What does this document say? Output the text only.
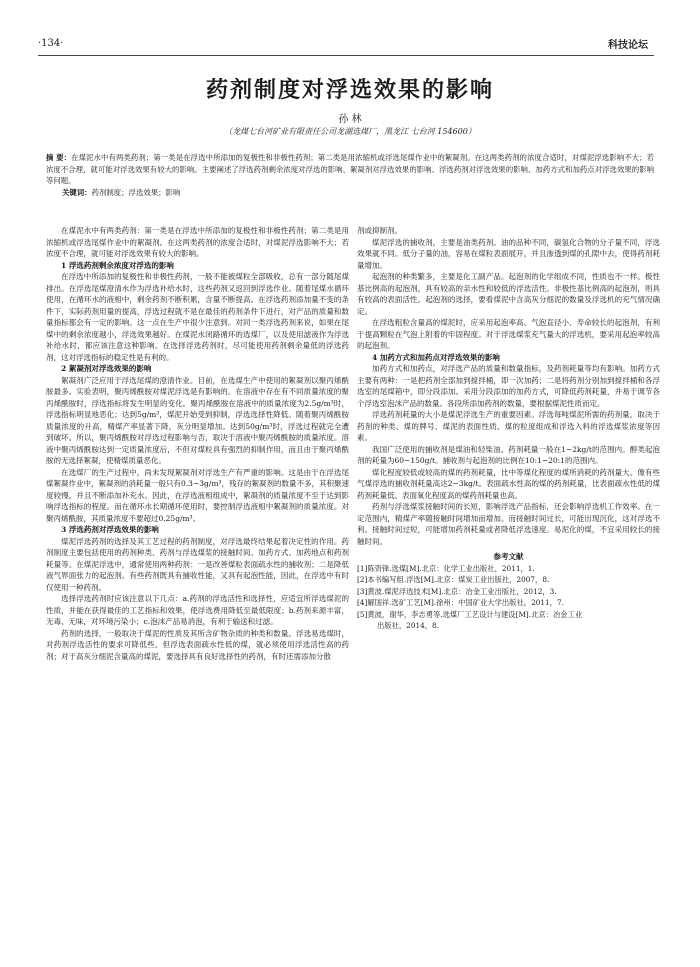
·134·	科技论坛
药剂制度对浮选效果的影响
孙 林
（龙煤七台河矿业有限责任公司龙湖选煤厂，黑龙江 七台河 154600）
摘 要：在煤泥水中有两类药剂；第一类是在浮选中所添加的复极性和非极性药剂；第二类是用浓缩机或浮选尾煤作业中的絮凝剂。在这两类药剂的浓度合适时，对煤泥浮选影响不大；若浓度不合理，就可能对浮选效果有较大的影响。主要阐述了浮选药剂剩余浓度对浮选的影响、絮凝剂对浮选效果的影响、浮选药剂对浮选效果的影响、加药方式和加药点对浮选效果的影响等问题。
关键词：药剂制度；浮选效果；影响

在煤泥水中有两类药剂：第一类是在浮选中所添加的复极性和非极性药剂；第二类是用浓缩机或浮选尾煤作业中的絮凝剂。在这两类药剂的浓度合适时，对煤泥浮选影响不大；若浓度不合理，就可能对浮选效果有较大的影响。

1 浮选药剂剩余浓度对浮选的影响

在浮选中所添加的复极性和非极性药剂，一般不能被煤粒全部吸收，总有一部分随尾煤排出。在浮选尾煤澄清水作为浮选补给水时，这些药剂又返回到浮选作业。随着尾煤水循环使用，在循环水的液相中，剩余药剂不断积累，含量不断提高。在浮选药剂添加量不变的条件下，实际药剂用量的提高，浮选过程就不是在最佳的药剂条件下进行，对产品的质量和数量指标都会有一定的影响。这一点在生产中很少注意到。对同一类浮选药剂来说，如果在尾煤中的剩余浓度越小，浮选效果越好。在煤泥水闭路循环的选煤厂，以及使用滤液作为浮选补给水时，都应该注意这种影响。在选择浮选药剂时，尽可能使用药剂剩余量低的浮选药剂，这对浮选指标的稳定性是有利的。

2 絮凝剂对浮选效果的影响

絮凝剂广泛应用于浮选尾煤的澄清作业。目前，在选煤生产中使用的絮凝剂以聚丙烯酰胺最多。实验表明，聚丙烯酰胺对煤泥浮选是有影响的。在溶液中存在有不同质量浓度的聚丙烯酰胺时，浮选指标将发生明显的变化。聚丙烯酰胺在溶液中的质量浓度为2.5g/m³时，浮选指标明显地恶化；达到5g/m³，煤泥开始受到抑制，浮选选择性降低。随着聚丙烯酰胺质量浓度的升高，精煤产率显著下降，灰分明显增加。达到50g/m³时，浮选过程就完全遭到破坏。所以，聚丙烯酰胺对浮选过程影响与否，取决于溶液中聚丙烯酰胺的质量浓度。溶液中聚丙烯酰胺达到一定质量浓度后，不但对煤粒具有强烈的抑制作用，而且由于聚丙烯酰胺的无选择絮凝，使精煤质量恶化。

在选煤厂的生产过程中，尚未发现絮凝剂对浮选生产有严重的影响。这是由于在浮选尾煤絮凝作业中，絮凝剂的消耗量一般只有0.3~3g/m³，残存的絮凝剂的数量不多，其积聚速度较慢，并且不断添加补充水。因此，在浮选液相组成中，絮凝剂的质量浓度不至于达到影响浮选指标的程度。而在循环水长期循环使用时，要控制浮选液相中絮凝剂的质量浓度。对聚丙烯酰胺，其质量浓度不要超过0.25g/m³。

3 浮选药剂对浮选效果的影响

煤泥浮选药剂的选择及其工艺过程的药剂制度，对浮选最终结果起着决定性的作用。药剂制度主要包括使用的药剂种类、药剂与浮选煤浆的接触时间、加药方式、加药地点和药剂耗量等。在煤泥浮选中，通常使用两种药剂：一是改善煤粒表面疏水性的捕收剂；二是降低液气界面张力的起泡剂。有些药剂既具有捕收性能，又具有起泡性能，因此，在浮选中有时仅使用一种药剂。

选择浮选药剂时应该注意以下几点：a.药剂的浮选活性和选择性，应适宜所浮选煤泥的性质，并能在获得最佳的工艺指标和效果，使浮选费用降低至最低限度；b.药剂来源丰富，无毒、无味，对环境污染小；c.泡沫产品易消泡，有利于输送和过滤。

药剂的选择，一般取决于煤泥的性质及其所含矿物杂质的种类和数量。浮选易选煤时，对药剂浮选活性的要求可降低些。但浮选表面疏水性低的煤，就必须使用浮选活性高的药剂；对于高灰分细泥含量高的煤泥，要选择具有良好选择性的药剂，有时还需添加分散

剂或抑制剂。

煤泥浮选的捕收剂，主要是油类药剂。油的品种不同，碳氢化合物的分子量不同，浮选效果就不同。低分子量的油，容易在煤粒表面展开，并且渗透到煤的孔隙中去，使得药剂耗量增加。

起泡剂的种类繁多，主要是化工副产品。起泡剂的化学组成不同，性质也不一样。极性基比例高的起泡剂，具有较高的亲水性和较低的浮选活性。非极性基比例高的起泡剂，则具有较高的表面活性。起泡剂的选择，要看煤泥中含高灰分细泥的数量及浮选机的充气情况确定。

在浮选粗粒含量高的煤泥时，应采用起泡率高、气泡直径小、寿命较长的起泡剂，有利于提高颗粒在气泡上附着的牢固程度。对于浮选煤浆充气量大的浮选机，要采用起泡率较高的起泡剂。

4 加药方式和加药点对浮选效果的影响

加药方式和加药点，对浮选产品的质量和数量指标，及药剂耗量等均有影响。加药方式主要有两种：一是把药剂全部加到搅拌桶，即一次加药；二是将药剂分别加到搅拌桶和各浮选室的尾煤箱中，即分段添加。采用分段添加的加药方式，可降低药剂耗量，并易于调节各个浮选室泡沫产品的数量。各段所添加药剂的数量，要根据煤泥性质而定。

浮选药剂耗量的大小是煤泥浮选生产的重要因素。浮选每吨煤泥所需的药剂量，取决于药剂的种类、煤的牌号、煤泥的表面性质、煤的粒度组成和浮选入料的浮选煤浆浓度等因素。

我国广泛使用的捕收剂是煤油和轻柴油。药剂耗量一般在1~2kg/t的范围内。醇类起泡剂的耗量为60~150g/t。捕收剂与起泡剂的比例在10:1~20:1的范围内。

煤化程度较低或较高的煤的药剂耗量，比中等煤化程度的煤所消耗的药剂量大。像有些气煤浮选的捕收剂耗量高达2~3kg/t。表面疏水性高的煤的药剂耗量，比表面疏水性低的煤药剂耗量低。表面氧化程度高的煤药剂耗量也高。

药剂与浮选煤浆接触时间的长短，影响浮选产品指标，还会影响浮选机工作效率。在一定范围内，精煤产率随接触时间增加而增加。而接触时间过长，可能出现沉化，这对浮选不利。接触时间过短，可能增加药剂耗量或者降低浮选速度。易泥化的煤，不宜采用较长的接触时间。

参考文献
[1]陈资锋.选煤[M].北京：化学工业出版社，2011，1.
[2]本书编写组.浮选[M].北京：煤炭工业出版社，2007，8.
[3]黄波.煤泥浮选技术[M].北京：冶金工业出版社，2012，3.
[4]解国祥.选矿工艺[M].徐州：中国矿业大学出版社，2011，7.
[5]黄波，谢华，李志勇等.选煤厂工艺设计与建设[M].北京：冶金工业
出版社，2014，8.
